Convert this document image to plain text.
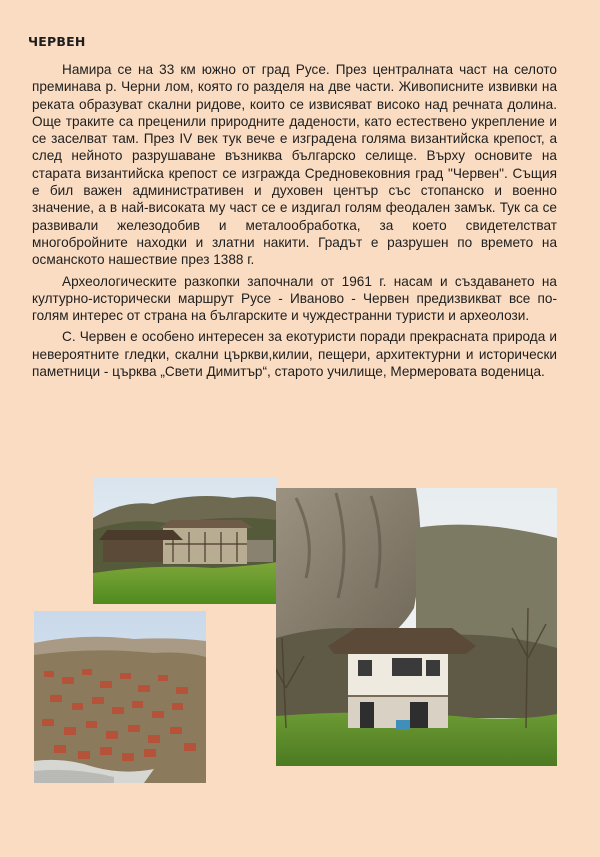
ЧЕРВЕН

Намира се на 33 км южно от град Русе. През централната част на селото преминава р. Черни лом, която го разделя на две части. Живописните извивки на реката образуват скални ридове, които се извисяват високо над речната долина. Още траките са преценили природните дадености, като естествено укрепление и се заселват там. През IV век тук вече е изградена голяма византийска крепост, а след нейното разрушаване възниква българско селище. Върху основите на старата византийска крепост се изгражда Средновековния град "Червен". Същия е бил важен административен и духовен център със стопанско и военно значение, а в най-високата му част се е издигал голям феодален замък. Тук са се развивали железодобив и металообработка, за което свидетелстват многобройните находки и златни накити. Градът е разрушен по времето на османското нашествие през 1388 г.

Археологическите разкопки започнали от 1961 г. насам и създаването на културно-исторически маршрут Русе - Иваново - Червен предизвикват все по-голям интерес от страна на българските и чуждестранни туристи и археолози.

С. Червен е особено интересен за екотуристи поради прекрасната природа и невероятните гледки, скални църкви,килии, пещери, архитектурни и исторически паметници - църква „Свети Димитър“, старото училище, Мермеровата воденица.
